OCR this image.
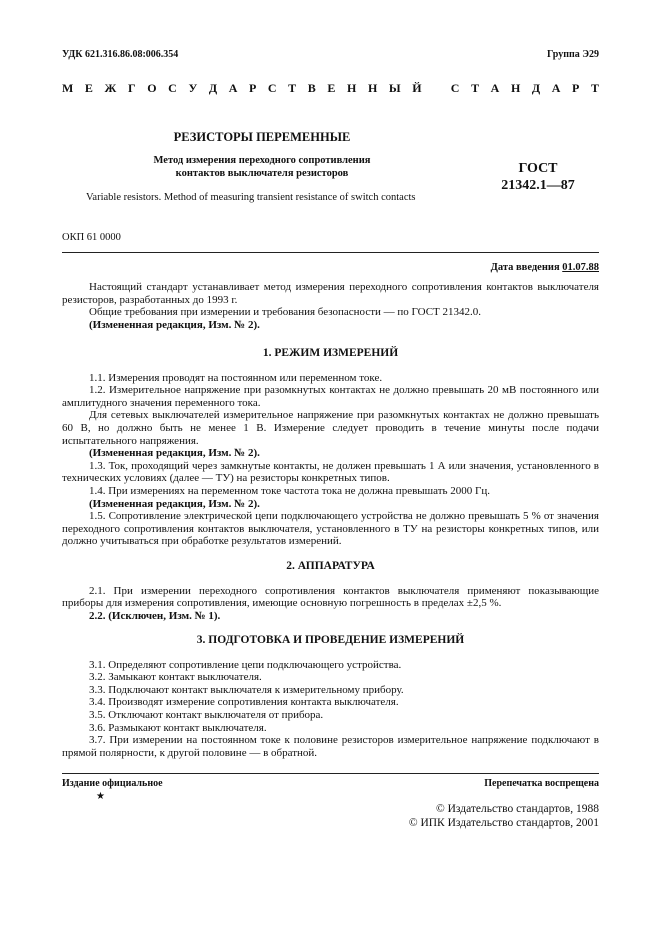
УДК 621.316.86.08:006.354	Группа Э29
М Е Ж Г О С У Д А Р С Т В Е Н Н Ы Й
С Т А Н Д А Р Т
РЕЗИСТОРЫ ПЕРЕМЕННЫЕ
Метод измерения переходного сопротивления
контактов выключателя резисторов	ГОСТ
21342.1—87
Variable resistors. Method of measuring transient resistance of switch contacts
ОКП 61 0000
Дата введения 01.07.88

Настоящий стандарт устанавливает метод измерения переходного сопротивления контактов выключателя резисторов, разработанных до 1993 г.

Общие требования при измерении и требования безопасности — по ГОСТ 21342.0.

(Измененная редакция, Изм. № 2).

1. РЕЖИМ ИЗМЕРЕНИЙ

1.1. Измерения проводят на постоянном или переменном токе.

1.2. Измерительное напряжение при разомкнутых контактах не должно превышать 20 мВ постоянного или амплитудного значения переменного тока.

Для сетевых выключателей измерительное напряжение при разомкнутых контактах не должно превышать 60 В, но должно быть не менее 1 В. Измерение следует проводить в течение минуты после подачи испытательного напряжения.

(Измененная редакция, Изм. № 2).

1.3. Ток, проходящий через замкнутые контакты, не должен превышать 1 А или значения, установленного в технических условиях (далее — ТУ) на резисторы конкретных типов.

1.4. При измерениях на переменном токе частота тока не должна превышать 2000 Гц.

(Измененная редакция, Изм. № 2).

1.5. Сопротивление электрической цепи подключающего устройства не должно превышать 5 % от значения переходного сопротивления контактов выключателя, установленного в ТУ на резисторы конкретных типов, или должно учитываться при обработке результатов измерений.

2. АППАРАТУРА

2.1. При измерении переходного сопротивления контактов выключателя применяют показывающие приборы для измерения сопротивления, имеющие основную погрешность в пределах ±2,5 %.

2.2. (Исключен, Изм. № 1).

3. ПОДГОТОВКА И ПРОВЕДЕНИЕ ИЗМЕРЕНИЙ

3.1. Определяют сопротивление цепи подключающего устройства.

3.2. Замыкают контакт выключателя.

3.3. Подключают контакт выключателя к измерительному прибору.

3.4. Производят измерение сопротивления контакта выключателя.

3.5. Отключают контакт выключателя от прибора.

3.6. Размыкают контакт выключателя.

3.7. При измерении на постоянном токе к половине резисторов измерительное напряжение подключают в прямой полярности, к другой половине — в обратной.

Издание официальное
★
Перепечатка воспрещена
© Издательство стандартов, 1988
© ИПК Издательство стандартов, 2001
